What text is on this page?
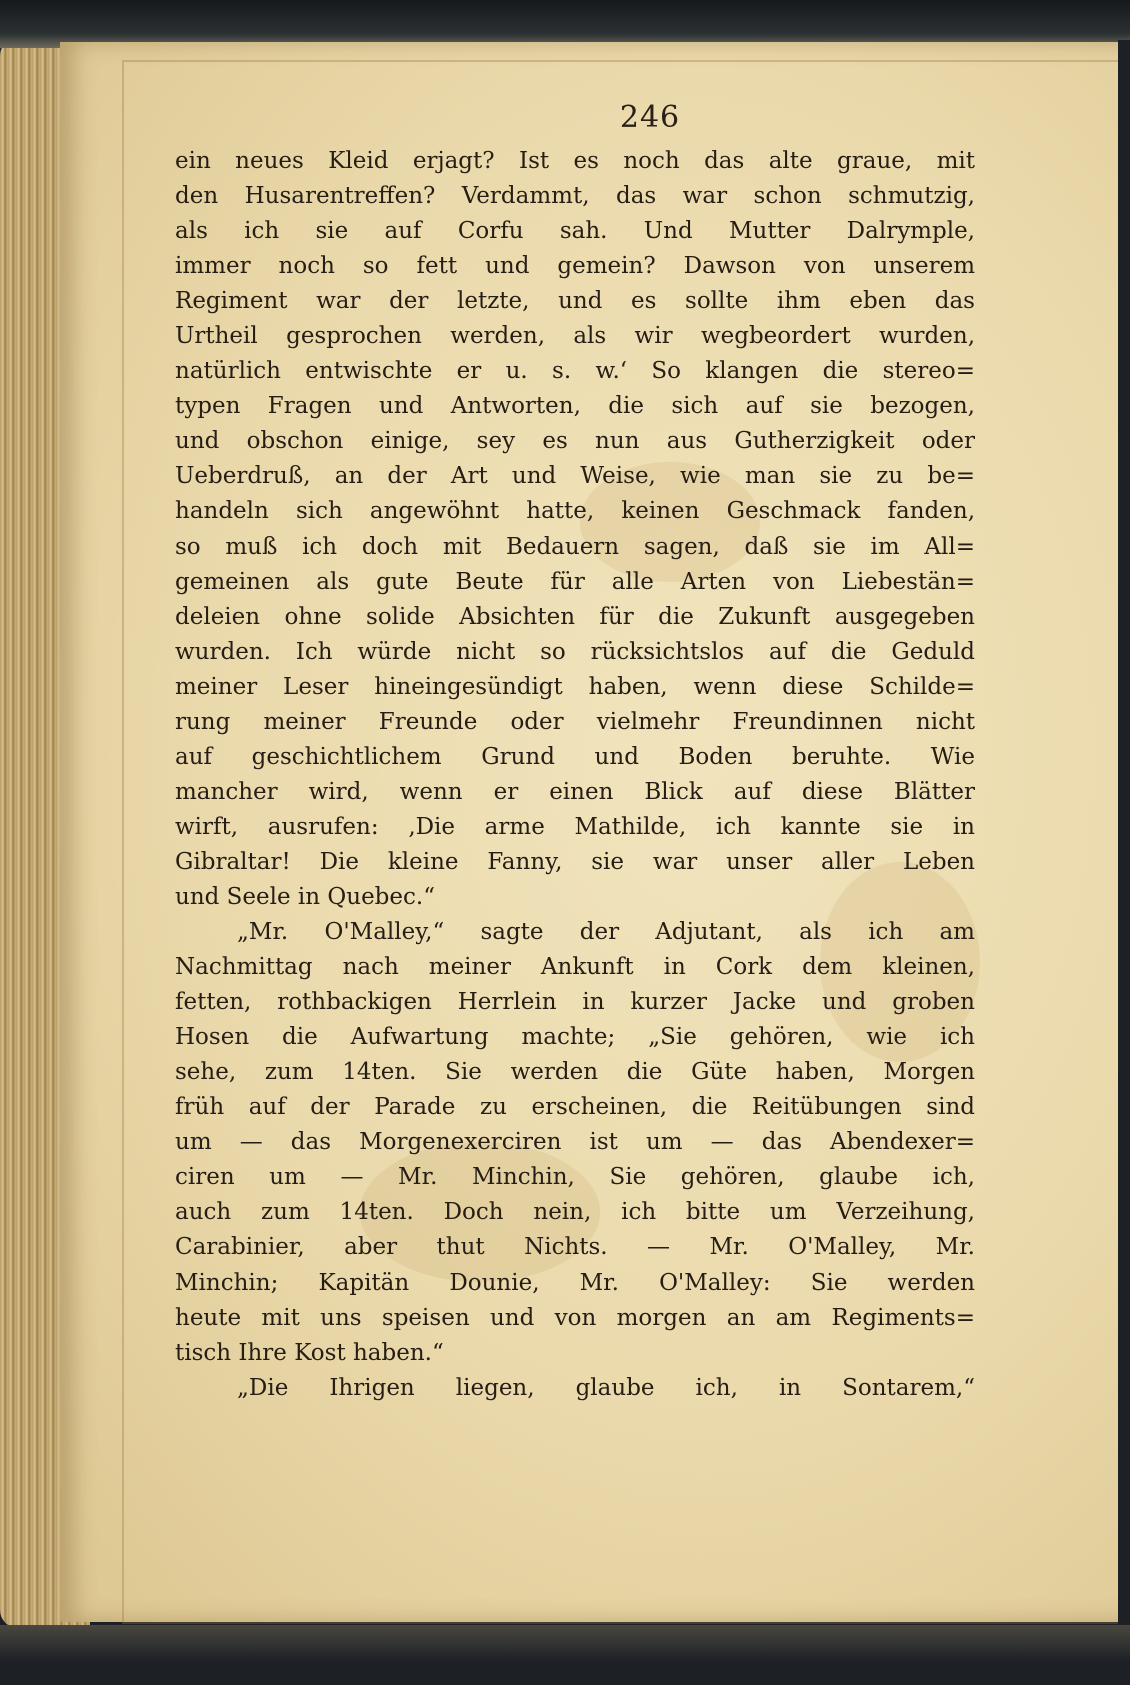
246
ein neues Kleid erjagt? Ist es noch das alte graue, mit
den Husarentreffen? Verdammt, das war schon schmutzig,
als ich sie auf Corfu sah. Und Mutter Dalrymple,
immer noch so fett und gemein? Dawson von unserem
Regiment war der letzte, und es sollte ihm eben das
Urtheil gesprochen werden, als wir wegbeordert wurden,
natürlich entwischte er u. s. w.‘ So klangen die stereo=
typen Fragen und Antworten, die sich auf sie bezogen,
und obschon einige, sey es nun aus Gutherzigkeit oder
Ueberdruß, an der Art und Weise, wie man sie zu be=
handeln sich angewöhnt hatte, keinen Geschmack fanden,
so muß ich doch mit Bedauern sagen, daß sie im All=
gemeinen als gute Beute für alle Arten von Liebestän=
deleien ohne solide Absichten für die Zukunft ausgegeben
wurden. Ich würde nicht so rücksichtslos auf die Geduld
meiner Leser hineingesündigt haben, wenn diese Schilde=
rung meiner Freunde oder vielmehr Freundinnen nicht
auf geschichtlichem Grund und Boden beruhte. Wie
mancher wird, wenn er einen Blick auf diese Blätter
wirft, ausrufen: ‚Die arme Mathilde, ich kannte sie in
Gibraltar! Die kleine Fanny, sie war unser aller Leben
und Seele in Quebec.“
„Mr. O'Malley,“ sagte der Adjutant, als ich am
Nachmittag nach meiner Ankunft in Cork dem kleinen,
fetten, rothbackigen Herrlein in kurzer Jacke und groben
Hosen die Aufwartung machte; „Sie gehören, wie ich
sehe, zum 14ten. Sie werden die Güte haben, Morgen
früh auf der Parade zu erscheinen, die Reitübungen sind
um — das Morgenexerciren ist um — das Abendexer=
ciren um — Mr. Minchin, Sie gehören, glaube ich,
auch zum 14ten. Doch nein, ich bitte um Verzeihung,
Carabinier, aber thut Nichts. — Mr. O'Malley, Mr.
Minchin; Kapitän Dounie, Mr. O'Malley: Sie werden
heute mit uns speisen und von morgen an am Regiments=
tisch Ihre Kost haben.“
„Die Ihrigen liegen, glaube ich, in Sontarem,“
